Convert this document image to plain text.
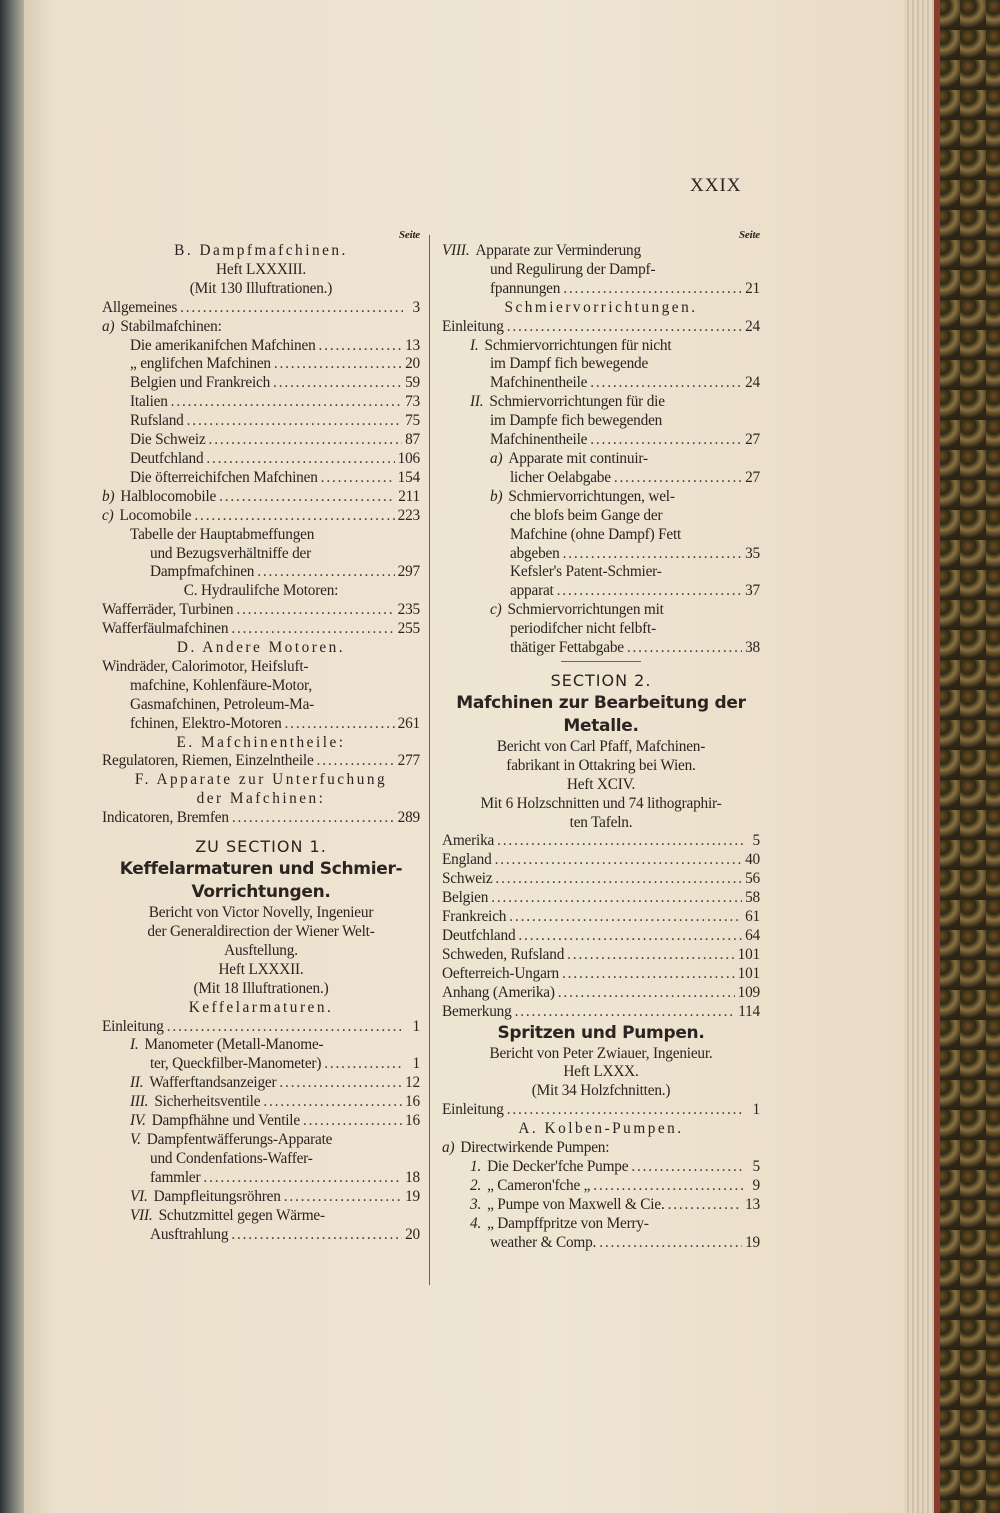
XXIX
Seite
B. Dampfmafchinen.
Heft LXXXIII.
(Mit 130 Illuftrationen.)
Allgemeines . . .	3
a) Stabilmafchinen:
Die amerikanifchen Mafchinen . . .	13
„ englifchen Mafchinen . . .	20
Belgien und Frankreich . . .	59
Italien . . .	73
Rufsland . . .	75
Die Schweiz . . .	87
Deutfchland . . .	106
Die öfterreichifchen Mafchinen . . .	154
b) Halblocomobile . . .	211
c) Locomobile . . .	223
Tabelle der Hauptabmeffungen
und Bezugsverhältniffe der
Dampfmafchinen . . .	297
C. Hydraulifche Motoren:
Wafferräder, Turbinen . . .	235
Wafferfäulmafchinen . . .	255
D. Andere Motoren.
Windräder, Calorimotor, Heifsluft-
mafchine, Kohlenfäure-Motor,
Gasmafchinen, Petroleum-Ma-
fchinen, Elektro-Motoren . . .	261
E. Mafchinentheile:
Regulatoren, Riemen, Einzelntheile . . .	277
F. Apparate zur Unterfuchung
der Mafchinen:
Indicatoren, Bremfen . . .	289
ZU SECTION 1.
Keffelarmaturen und Schmier-
Vorrichtungen.
Bericht von Victor Novelly, Ingenieur
der Generaldirection der Wiener Welt-
Ausftellung.
Heft LXXXII.
(Mit 18 Illuftrationen.)
Keffelarmaturen.
Einleitung . . .	1
I. Manometer (Metall-Manome-
ter, Queckfilber-Manometer) . . .	1
II. Wafferftandsanzeiger . . .	12
III. Sicherheitsventile . . .	16
IV. Dampfhähne und Ventile . . .	16
V. Dampfentwäfferungs-Apparate
und Condenfations-Waffer-
fammler . . .	18
VI. Dampfleitungsröhren . . .	19
VII. Schutzmittel gegen Wärme-
Ausftrahlung . . .	20
Seite
VIII. Apparate zur Verminderung
und Regulirung der Dampf-
fpannungen . . .	21
Schmiervorrichtungen.
Einleitung . . .	24
I. Schmiervorrichtungen für nicht
im Dampf fich bewegende
Mafchinentheile . . .	24
II. Schmiervorrichtungen für die
im Dampfe fich bewegenden
Mafchinentheile . . .	27
a) Apparate mit continuir-
licher Oelabgabe . . .	27
b) Schmiervorrichtungen, wel-
che blofs beim Gange der
Mafchine (ohne Dampf) Fett
abgeben . . .	35
Kefsler's Patent-Schmier-
apparat . . .	37
c) Schmiervorrichtungen mit
periodifcher nicht felbft-
thätiger Fettabgabe . . .	38
SECTION 2.
Mafchinen zur Bearbeitung der
Metalle.
Bericht von Carl Pfaff, Mafchinen-
fabrikant in Ottakring bei Wien.
Heft XCIV.
Mit 6 Holzschnitten und 74 lithographir-
ten Tafeln.
Amerika . . .	5
England . . .	40
Schweiz . . .	56
Belgien . . .	58
Frankreich . . .	61
Deutfchland . . .	64
Schweden, Rufsland . . .	101
Oefterreich-Ungarn . . .	101
Anhang (Amerika) . . .	109
Bemerkung . . .	114
Spritzen und Pumpen.
Bericht von Peter Zwiauer, Ingenieur.
Heft LXXX.
(Mit 34 Holzfchnitten.)
Einleitung . . .	1
A. Kolben-Pumpen.
a) Directwirkende Pumpen:
1. Die Decker'fche Pumpe . . .	5
2. „ Cameron'fche „ . . .	9
3. „ Pumpe von Maxwell & Cie. . . .	13
4. „ Dampffpritze von Merry-
weather & Comp. . . .	19
